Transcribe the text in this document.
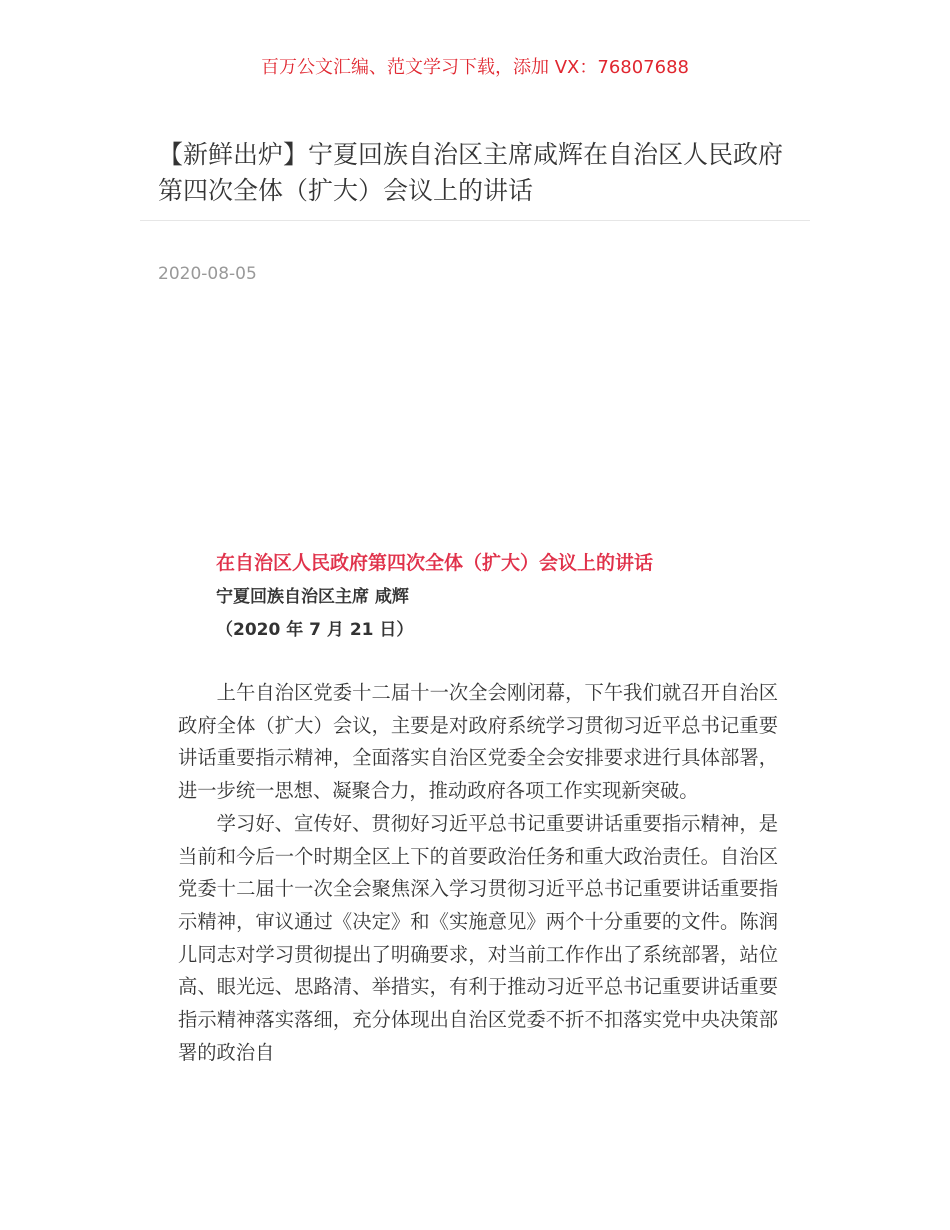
百万公文汇编、范文学习下载，添加 VX：76807688
【新鲜出炉】宁夏回族自治区主席咸辉在自治区人民政府第四次全体（扩大）会议上的讲话
2020-08-05
在自治区人民政府第四次全体（扩大）会议上的讲话
宁夏回族自治区主席 咸辉
（2020 年 7 月 21 日）

上午自治区党委十二届十一次全会刚闭幕，下午我们就召开自治区政府全体（扩大）会议，主要是对政府系统学习贯彻习近平总书记重要讲话重要指示精神，全面落实自治区党委全会安排要求进行具体部署，进一步统一思想、凝聚合力，推动政府各项工作实现新突破。

学习好、宣传好、贯彻好习近平总书记重要讲话重要指示精神，是当前和今后一个时期全区上下的首要政治任务和重大政治责任。自治区党委十二届十一次全会聚焦深入学习贯彻习近平总书记重要讲话重要指示精神，审议通过《决定》和《实施意见》两个十分重要的文件。陈润儿同志对学习贯彻提出了明确要求，对当前工作作出了系统部署，站位高、眼光远、思路清、举措实，有利于推动习近平总书记重要讲话重要指示精神落实落细，充分体现出自治区党委不折不扣落实党中央决策部署的政治自
